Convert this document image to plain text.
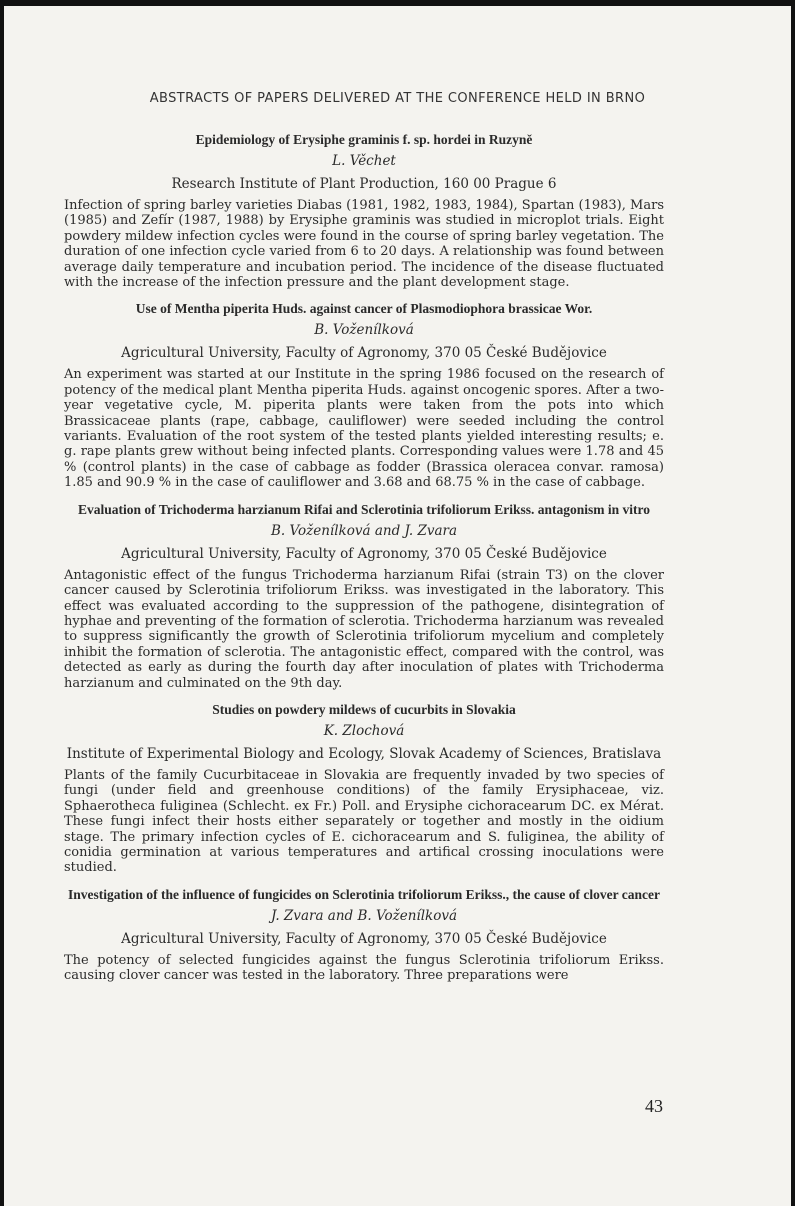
ABSTRACTS OF PAPERS DELIVERED AT THE CONFERENCE HELD IN BRNO

Epidemiology of Erysiphe graminis f. sp. hordei in Ruzyně

L. Věchet

Research Institute of Plant Production, 160 00 Prague 6

Infection of spring barley varieties Diabas (1981, 1982, 1983, 1984), Spartan (1983), Mars (1985) and Zefír (1987, 1988) by Erysiphe graminis was studied in microplot trials. Eight powdery mildew infection cycles were found in the course of spring barley vegetation. The duration of one infection cycle varied from 6 to 20 days. A relationship was found between average daily temperature and incubation period. The incidence of the disease fluctuated with the increase of the infection pressure and the plant development stage.

Use of Mentha piperita Huds. against cancer of Plasmodiophora brassicae Wor.

B. Voženílková

Agricultural University, Faculty of Agronomy, 370 05 České Budějovice

An experiment was started at our Institute in the spring 1986 focused on the research of potency of the medical plant Mentha piperita Huds. against oncogenic spores. After a two-year vegetative cycle, M. piperita plants were taken from the pots into which Brassicaceae plants (rape, cabbage, cauliflower) were seeded including the control variants. Evaluation of the root system of the tested plants yielded interesting results; e. g. rape plants grew without being infected plants. Corresponding values were 1.78 and 45 % (control plants) in the case of cabbage as fodder (Brassica oleracea convar. ramosa) 1.85 and 90.9 % in the case of cauliflower and 3.68 and 68.75 % in the case of cabbage.

Evaluation of Trichoderma harzianum Rifai and Sclerotinia trifoliorum Erikss. antagonism in vitro

B. Voženílková and J. Zvara

Agricultural University, Faculty of Agronomy, 370 05 České Budějovice

Antagonistic effect of the fungus Trichoderma harzianum Rifai (strain T3) on the clover cancer caused by Sclerotinia trifoliorum Erikss. was investigated in the laboratory. This effect was evaluated according to the suppression of the pathogene, disintegration of hyphae and preventing of the formation of sclerotia. Trichoderma harzianum was revealed to suppress significantly the growth of Sclerotinia trifoliorum mycelium and completely inhibit the formation of sclerotia. The antagonistic effect, compared with the control, was detected as early as during the fourth day after inoculation of plates with Trichoderma harzianum and culminated on the 9th day.

Studies on powdery mildews of cucurbits in Slovakia

K. Zlochová

Institute of Experimental Biology and Ecology, Slovak Academy of Sciences, Bratislava

Plants of the family Cucurbitaceae in Slovakia are frequently invaded by two species of fungi (under field and greenhouse conditions) of the family Erysiphaceae, viz. Sphaerotheca fuliginea (Schlecht. ex Fr.) Poll. and Erysiphe cichoracearum DC. ex Mérat. These fungi infect their hosts either separately or together and mostly in the oidium stage. The primary infection cycles of E. cichoracearum and S. fuliginea, the ability of conidia germination at various temperatures and artifical crossing inoculations were studied.

Investigation of the influence of fungicides on Sclerotinia trifoliorum Erikss., the cause of clover cancer

J. Zvara and B. Voženílková

Agricultural University, Faculty of Agronomy, 370 05 České Budějovice

The potency of selected fungicides against the fungus Sclerotinia trifoliorum Erikss. causing clover cancer was tested in the laboratory. Three preparations were

43
